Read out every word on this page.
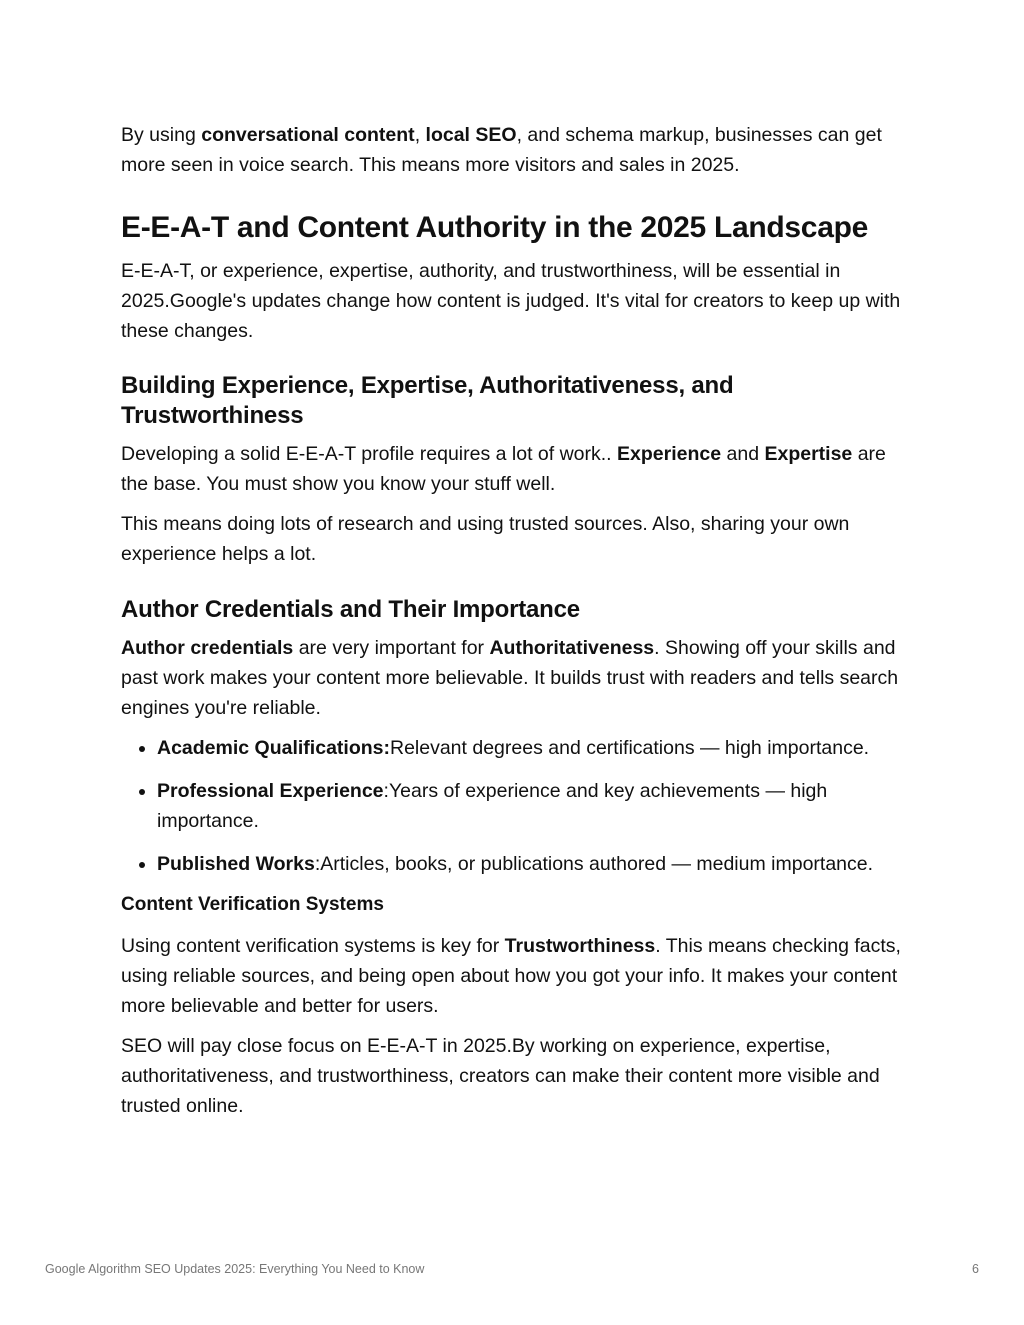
By using conversational content, local SEO, and schema markup, businesses can get more seen in voice search. This means more visitors and sales in 2025.

E-E-A-T and Content Authority in the 2025 Landscape

E-E-A-T, or experience, expertise, authority, and trustworthiness, will be essential in 2025.Google's updates change how content is judged. It's vital for creators to keep up with these changes.

Building Experience, Expertise, Authoritativeness, and Trustworthiness

Developing a solid E-E-A-T profile requires a lot of work.. Experience and Expertise are the base. You must show you know your stuff well.

This means doing lots of research and using trusted sources. Also, sharing your own experience helps a lot.

Author Credentials and Their Importance

Author credentials are very important for Authoritativeness. Showing off your skills and past work makes your content more believable. It builds trust with readers and tells search engines you're reliable.

• Academic Qualifications:Relevant degrees and certifications — high importance.
• Professional Experience:Years of experience and key achievements — high importance.
• Published Works:Articles, books, or publications authored — medium importance.
Content Verification Systems

Using content verification systems is key for Trustworthiness. This means checking facts, using reliable sources, and being open about how you got your info. It makes your content more believable and better for users.

SEO will pay close focus on E-E-A-T in 2025.By working on experience, expertise, authoritativeness, and trustworthiness, creators can make their content more visible and trusted online.

Google Algorithm SEO Updates 2025: Everything You Need to Know	6
